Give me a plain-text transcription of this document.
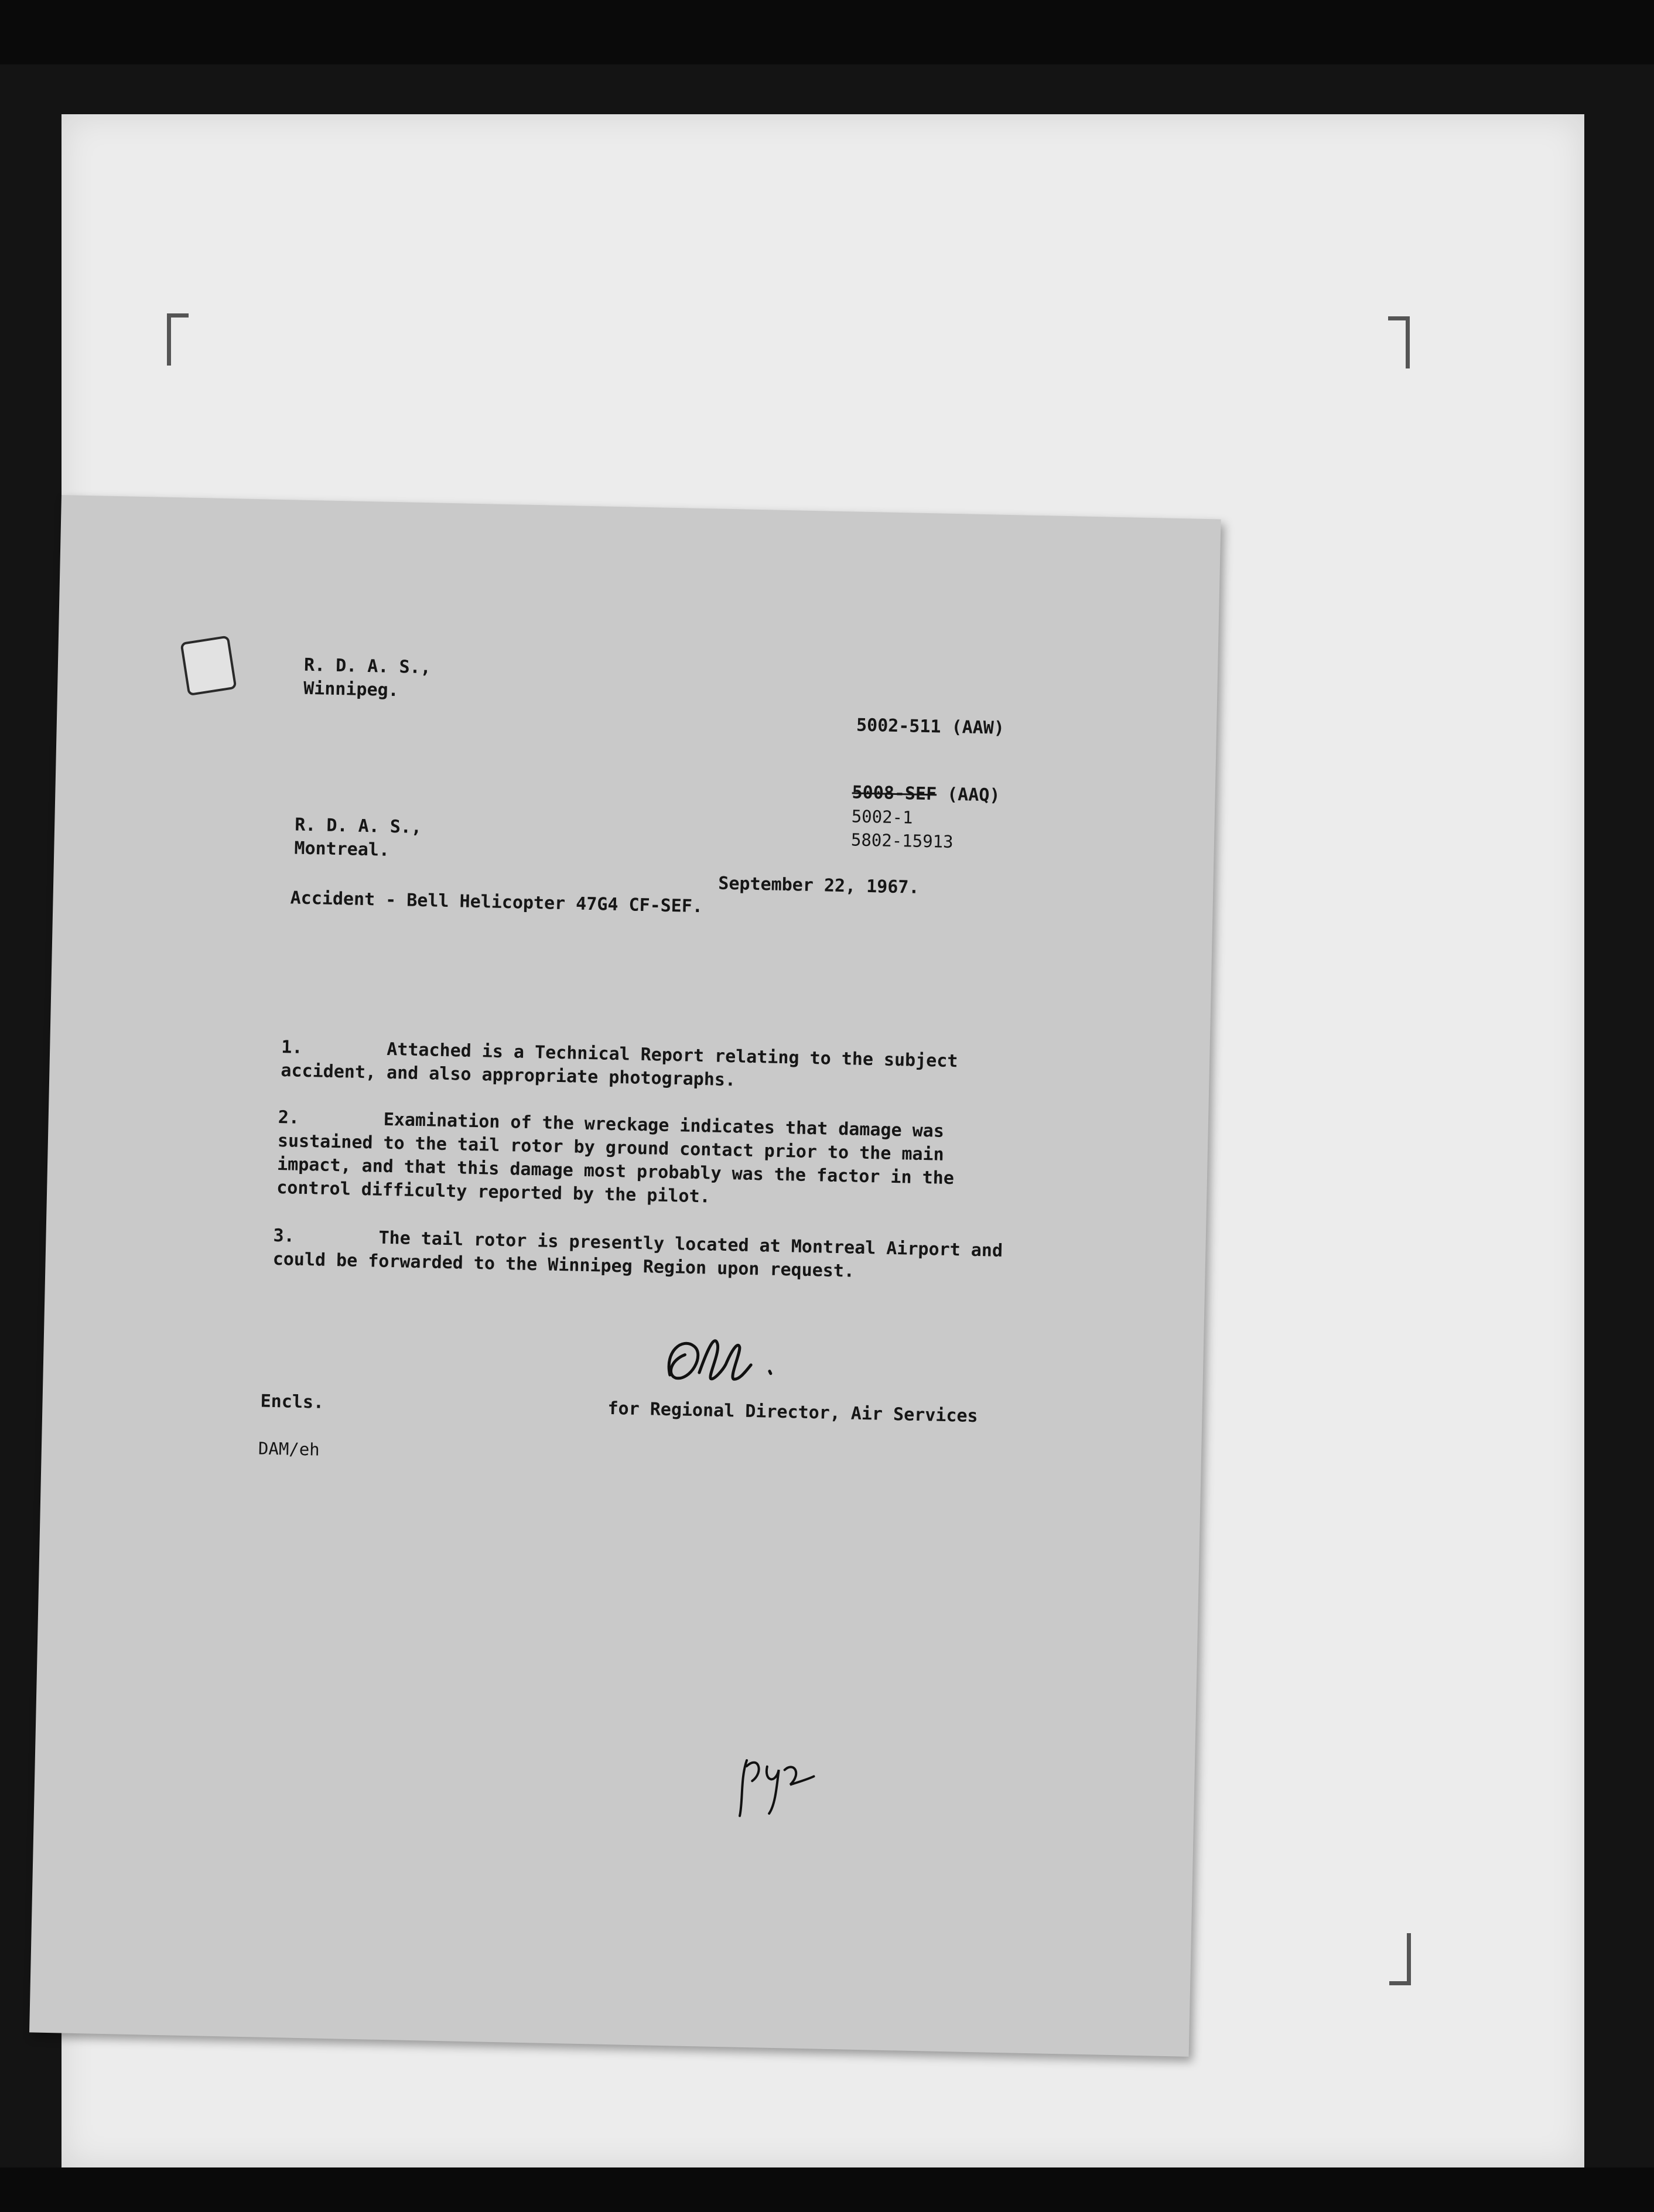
R. D. A. S.,
Winnipeg.
5002-511 (AAW)
5008-SEF (AAQ)
5002-1
5802-15913
R. D. A. S.,
Montreal.
September 22, 1967.
Accident - Bell Helicopter 47G4 CF-SEF.
1.	Attached is a Technical Report relating to the subject accident, and also appropriate photographs.
2.	Examination of the wreckage indicates that damage was sustained to the tail rotor by ground contact prior to the main impact, and that this damage most probably was the factor in the control difficulty reported by the pilot.
3.	The tail rotor is presently located at Montreal Airport and could be forwarded to the Winnipeg Region upon request.
Encls.	for Regional Director, Air Services
DAM/eh
